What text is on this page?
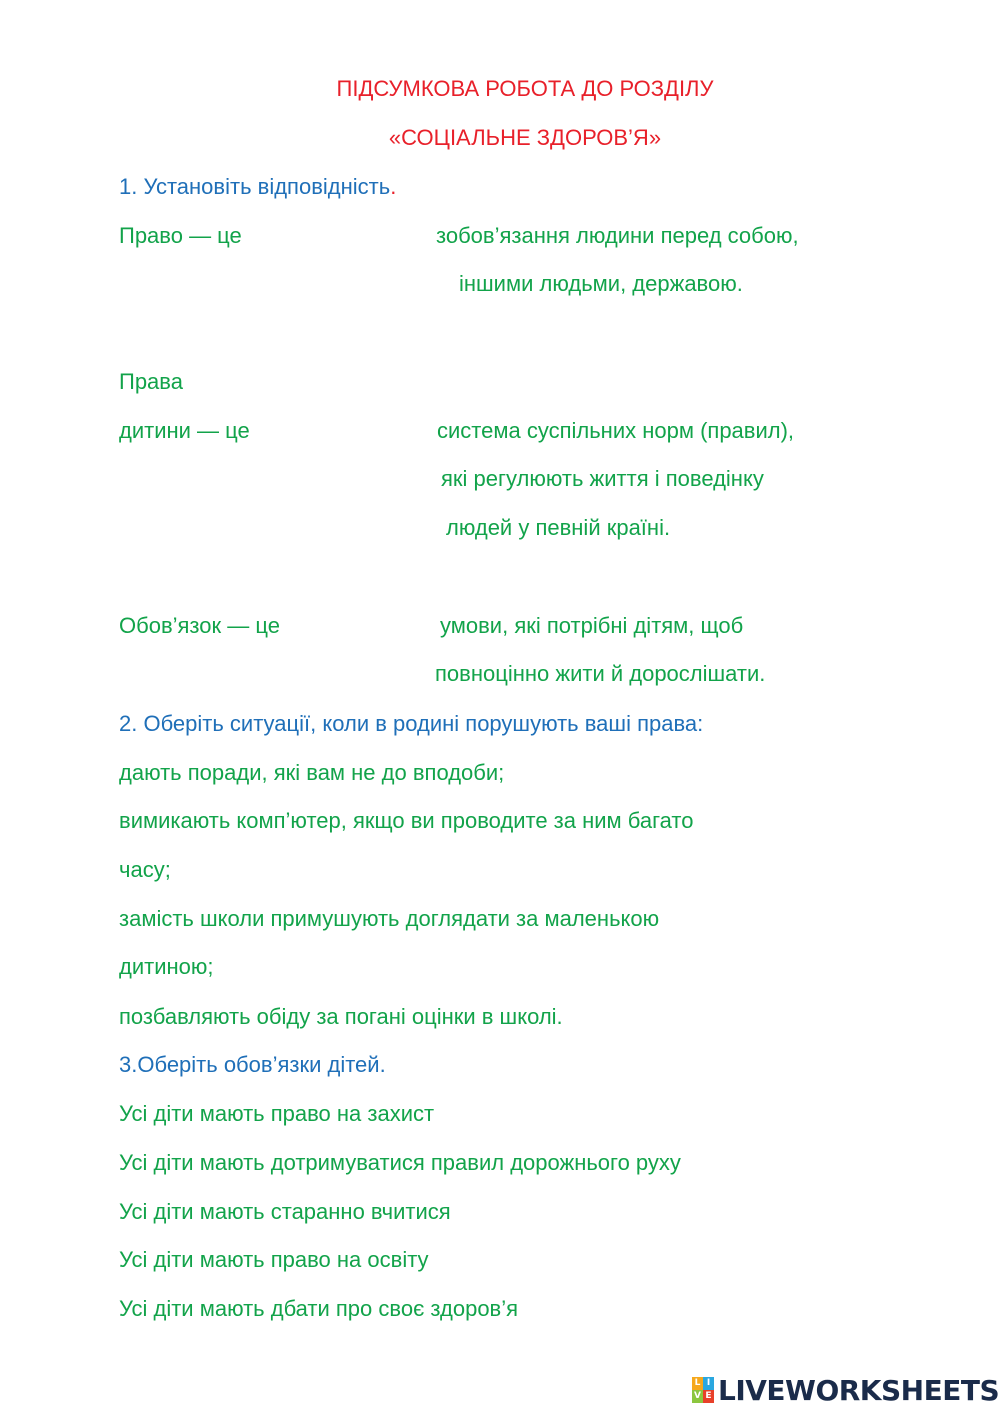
ПІДСУМКОВА РОБОТА ДО РОЗДІЛУ

«СОЦІАЛЬНЕ ЗДОРОВ’Я»

1. Установіть відповідність.

Право — це	зобов’язання людини перед собою,

іншими людьми, державою.

Права

дитини — це	система суспільних норм (правил),

які регулюють життя і поведінку

людей у певній країні.

Обов’язок — це	умови, які потрібні дітям, щоб

повноцінно жити й дорослішати.

2. Оберіть ситуації, коли в родині порушують ваші права:

дають поради, які вам не до вподоби;

вимикають комп’ютер, якщо ви проводите за ним багато

часу;

замість школи примушують доглядати за маленькою

дитиною;

позбавляють обіду за погані оцінки в школі.

3.Оберіть обов’язки дітей.

Усі діти мають право на захист

Усі діти мають дотримуватися правил дорожнього руху

Усі діти мають старанно вчитися

Усі діти мають право на освіту

Усі діти мають дбати про своє здоров’я

L I
V E LIVEWORKSHEETS
